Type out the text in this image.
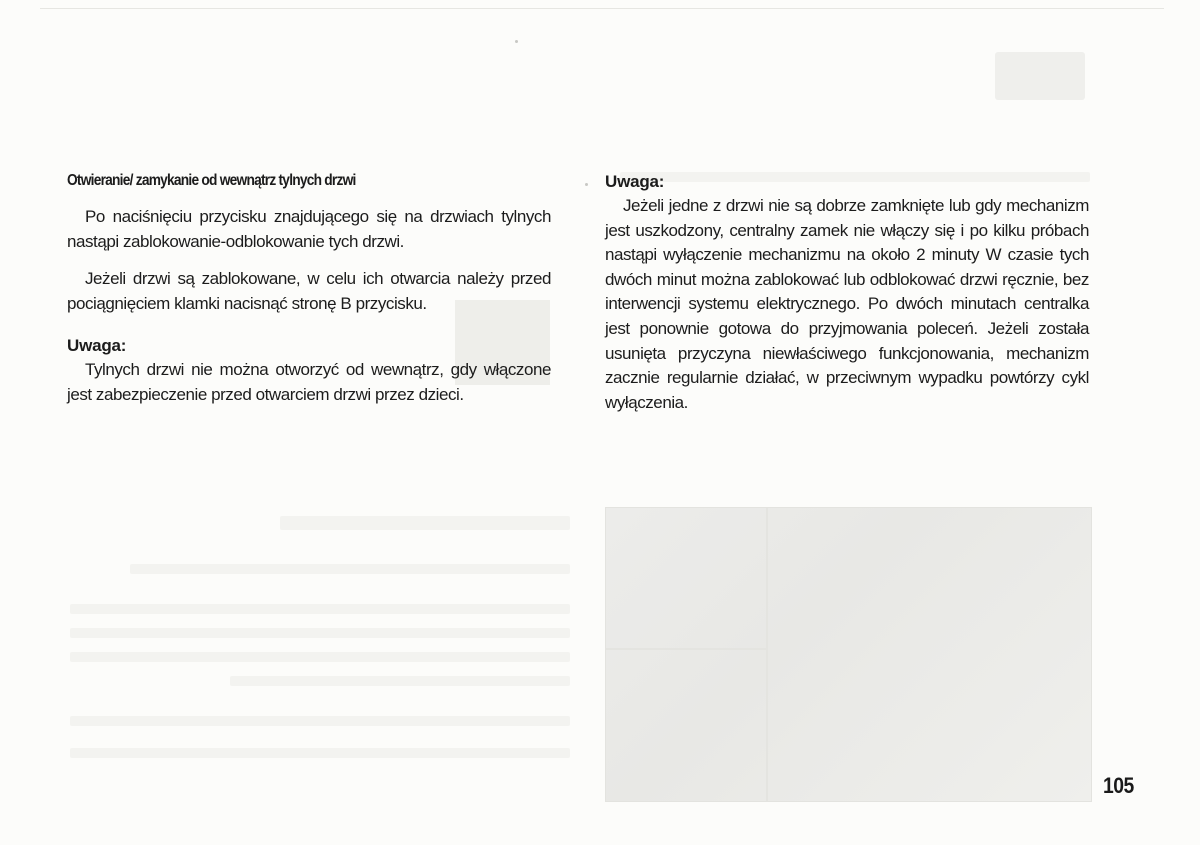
Otwieranie/ zamykanie od wewnątrz tylnych drzwi

Po naciśnięciu przycisku znajdującego się na drzwiach tylnych nastąpi zablokowanie-odblokowanie tych drzwi.

Jeżeli drzwi są zablokowane, w celu ich otwarcia należy przed pociągnięciem klamki nacisnąć stronę B przycisku.

Uwaga:

Tylnych drzwi nie można otworzyć od wewnątrz, gdy włączone jest zabezpieczenie przed otwarciem drzwi przez dzieci.

Uwaga:

Jeżeli jedne z drzwi nie są dobrze zamknięte lub gdy mechanizm jest uszkodzony, centralny zamek nie włączy się i po kilku próbach nastąpi wyłączenie mechanizmu na około 2 minuty W czasie tych dwóch minut można zablokować lub odblokować drzwi ręcznie, bez interwencji systemu elektrycznego. Po dwóch minutach centralka jest ponownie gotowa do przyjmowania poleceń. Jeżeli została usunięta przyczyna niewłaściwego funkcjonowania, mechanizm zacznie regularnie działać, w przeciwnym wypadku powtórzy cykl wyłączenia.

105
